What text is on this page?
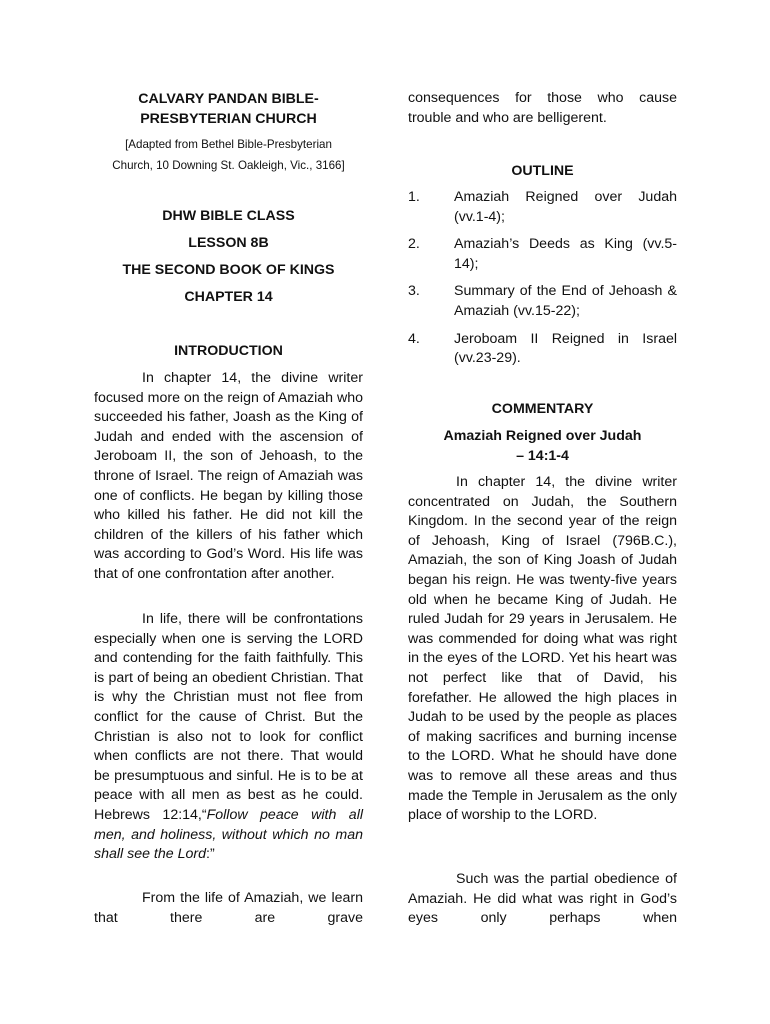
CALVARY PANDAN BIBLE-
PRESBYTERIAN CHURCH
[Adapted from Bethel Bible-Presbyterian
Church, 10 Downing St. Oakleigh, Vic., 3166]
DHW BIBLE CLASS
LESSON 8B
THE SECOND BOOK OF KINGS
CHAPTER 14
INTRODUCTION

In chapter 14, the divine writer focused more on the reign of Amaziah who succeeded his father, Joash as the King of Judah and ended with the ascension of Jeroboam II, the son of Jehoash, to the throne of Israel. The reign of Amaziah was one of conflicts. He began by killing those who killed his father. He did not kill the children of the killers of his father which was according to God’s Word. His life was that of one confrontation after another.

In life, there will be confrontations especially when one is serving the LORD and contending for the faith faithfully. This is part of being an obedient Christian. That is why the Christian must not flee from conflict for the cause of Christ. But the Christian is also not to look for conflict when conflicts are not there. That would be presumptuous and sinful. He is to be at peace with all men as best as he could. Hebrews 12:14,“Follow peace with all men, and holiness, without which no man shall see the Lord:”

From the life of Amaziah, we learn that there are grave

consequences for those who cause trouble and who are belligerent.

OUTLINE
1. Amaziah Reigned over Judah (vv.1-4);
2. Amaziah’s Deeds as King (vv.5-14);
3. Summary of the End of Jehoash & Amaziah (vv.15-22);
4. Jeroboam II Reigned in Israel (vv.23-29).
COMMENTARY
Amaziah Reigned over Judah
– 14:1-4

In chapter 14, the divine writer concentrated on Judah, the Southern Kingdom. In the second year of the reign of Jehoash, King of Israel (796B.C.), Amaziah, the son of King Joash of Judah began his reign. He was twenty-five years old when he became King of Judah. He ruled Judah for 29 years in Jerusalem. He was commended for doing what was right in the eyes of the LORD. Yet his heart was not perfect like that of David, his forefather. He allowed the high places in Judah to be used by the people as places of making sacrifices and burning incense to the LORD. What he should have done was to remove all these areas and thus made the Temple in Jerusalem as the only place of worship to the LORD.

Such was the partial obedience of Amaziah. He did what was right in God’s eyes only perhaps when
